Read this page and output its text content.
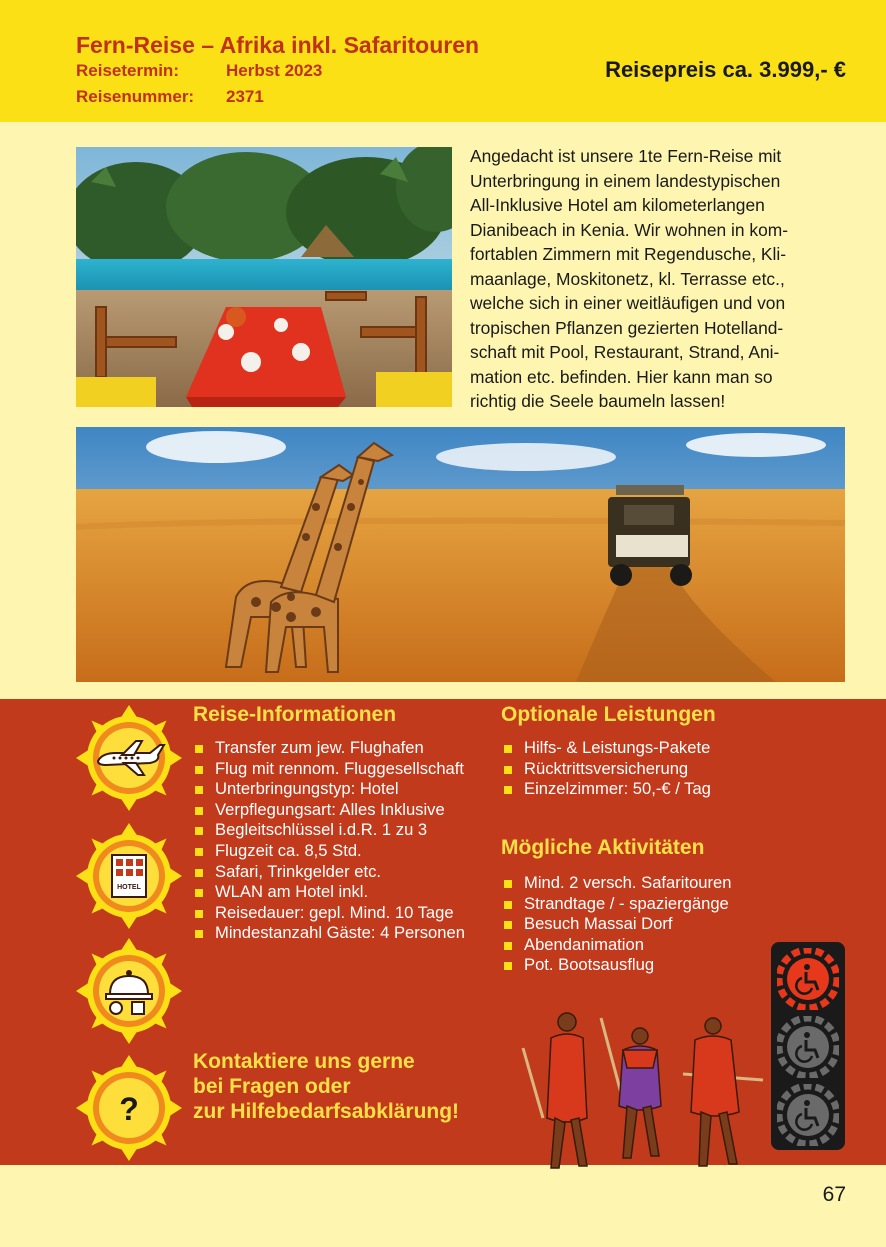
Fern-Reise – Afrika inkl. Safaritouren
Reisetermin:	Herbst 2023
Reisenummer: 2371
Reisepreis ca. 3.999,- €
Angedacht ist unsere 1te Fern-Reise mit
Unterbringung in einem landestypischen
All-Inklusive Hotel am kilometerlangen
Dianibeach in Kenia. Wir wohnen in kom-
fortablen Zimmern mit Regendusche, Kli-
maanlage, Moskitonetz, kl. Terrasse etc.,
welche sich in einer weitläufigen und von
tropischen Pflanzen gezierten Hotelland-
schaft mit Pool, Restaurant, Strand, Ani-
mation etc. befinden. Hier kann man so
richtig die Seele baumeln lassen!
HOTEL
?
Reise-Informationen
Transfer zum jew. Flughafen
Flug mit rennom. Fluggesellschaft
Unterbringungstyp: Hotel
Verpflegungsart: Alles Inklusive
Begleitschlüssel i.d.R. 1 zu 3
Flugzeit ca. 8,5 Std.
Safari, Trinkgelder etc.
WLAN am Hotel inkl.
Reisedauer: gepl. Mind. 10 Tage
Mindestanzahl Gäste: 4 Personen
Optionale Leistungen
Hilfs- & Leistungs-Pakete
Rücktrittsversicherung
Einzelzimmer: 50,-€ / Tag
Mögliche Aktivitäten
Mind. 2 versch. Safaritouren
Strandtage / - spaziergänge
Besuch Massai Dorf
Abendanimation
Pot. Bootsausflug
Kontaktiere uns gerne
bei Fragen oder
zur Hilfebedarfsabklärung!
67
